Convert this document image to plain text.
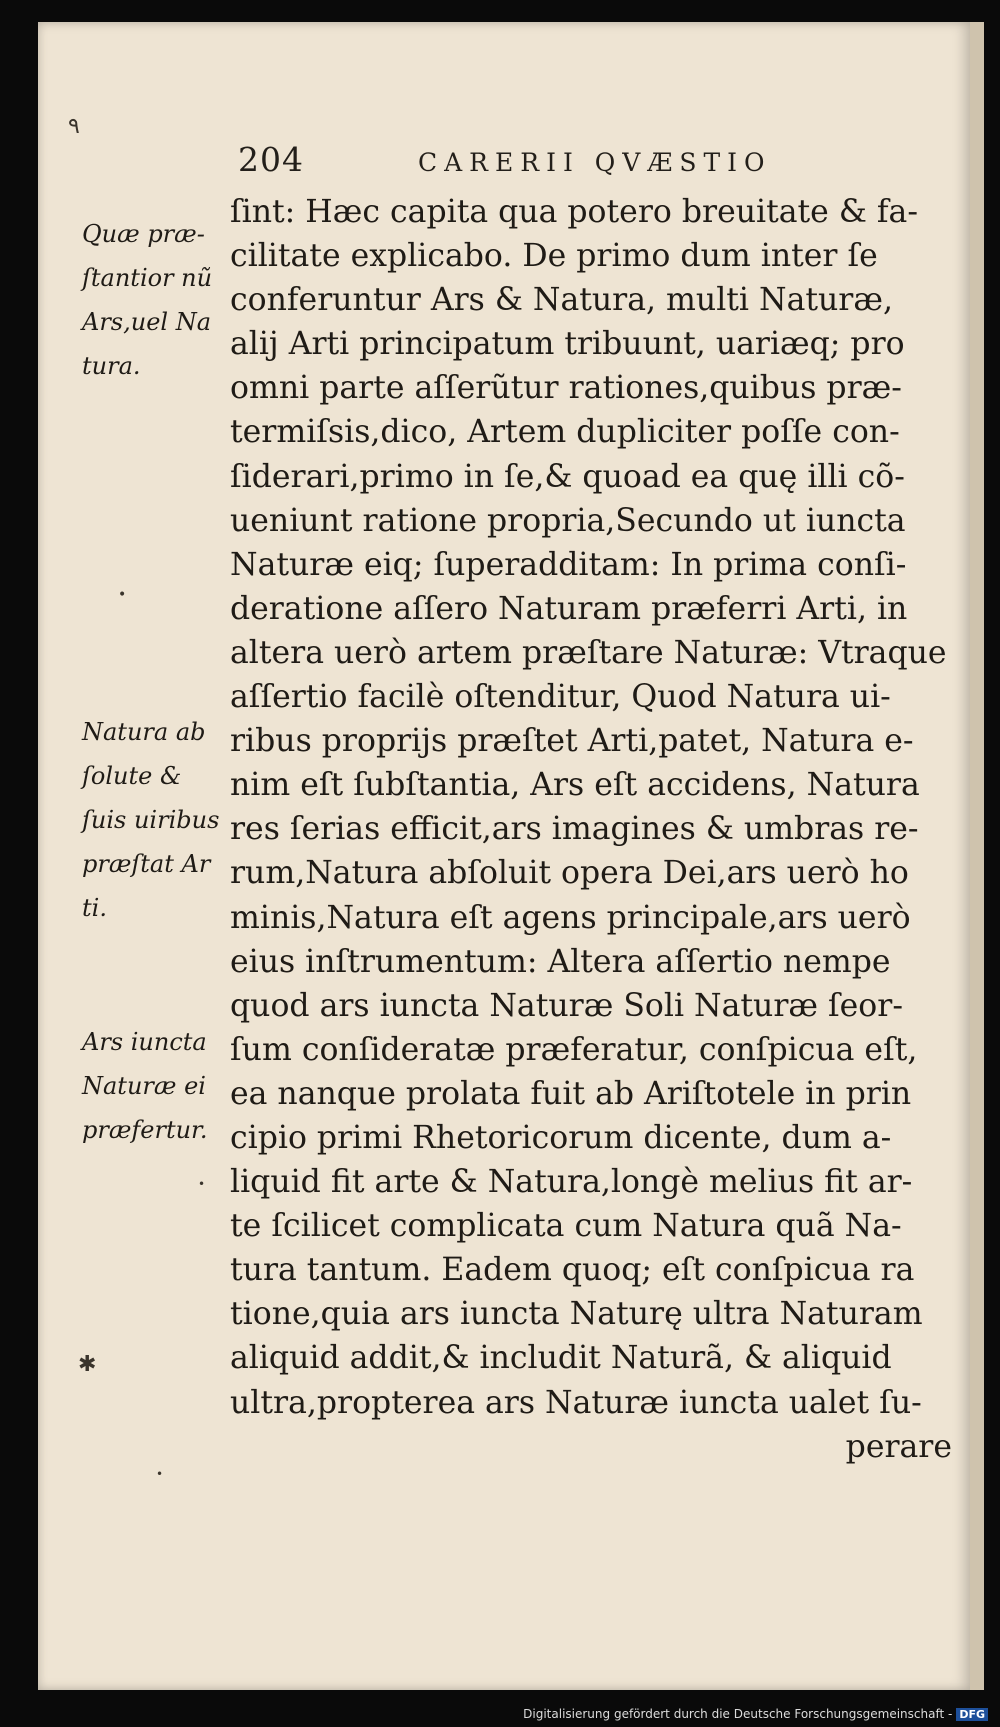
٩
204	CARERII QVÆSTIO
Quæ præ-
ſtantior nũ
Ars,uel Na
tura.
Natura ab
ſolute &
ſuis uiribus
præſtat Ar
ti.
Ars iuncta
Naturæ ei
præfertur.
ſint: Hæc capita qua potero breuitate & fa-
cilitate explicabo. De primo dum inter ſe
conferuntur Ars & Natura, multi Naturæ,
alij Arti principatum tribuunt, uariæq; pro
omni parte aſſerũtur rationes,quibus præ-
termiſsis,dico, Artem dupliciter poſſe con-
ſiderari,primo in ſe,& quoad ea quę illi cõ-
ueniunt ratione propria,Secundo ut iuncta
Naturæ eiq; ſuperadditam: In prima conſi-
deratione aſſero Naturam præferri Arti, in
altera uerò artem præſtare Naturæ: Vtraque
aſſertio facilè oſtenditur, Quod Natura ui-
ribus proprijs præſtet Arti,patet, Natura e-
nim eſt ſubſtantia, Ars eſt accidens, Natura
res ſerias efficit,ars imagines & umbras re-
rum,Natura abſoluit opera Dei,ars uerò ho
minis,Natura eſt agens principale,ars uerò
eius inſtrumentum: Altera aſſertio nempe
quod ars iuncta Naturæ Soli Naturæ ſeor-
ſum conſideratæ præferatur, conſpicua eſt,
ea nanque prolata fuit ab Ariſtotele in prin
cipio primi Rhetoricorum dicente, dum a-
liquid fit arte & Natura,longè melius fit ar-
te ſcilicet complicata cum Natura quã Na-
tura tantum. Eadem quoq; eſt conſpicua ra
tione,quia ars iuncta Naturę ultra Naturam
aliquid addit,& includit Naturã, & aliquid
ultra,propterea ars Naturæ iuncta ualet ſu-
perare
•
•
✱
•
Digitalisierung gefördert durch die Deutsche Forschungsgemeinschaft - DFG
